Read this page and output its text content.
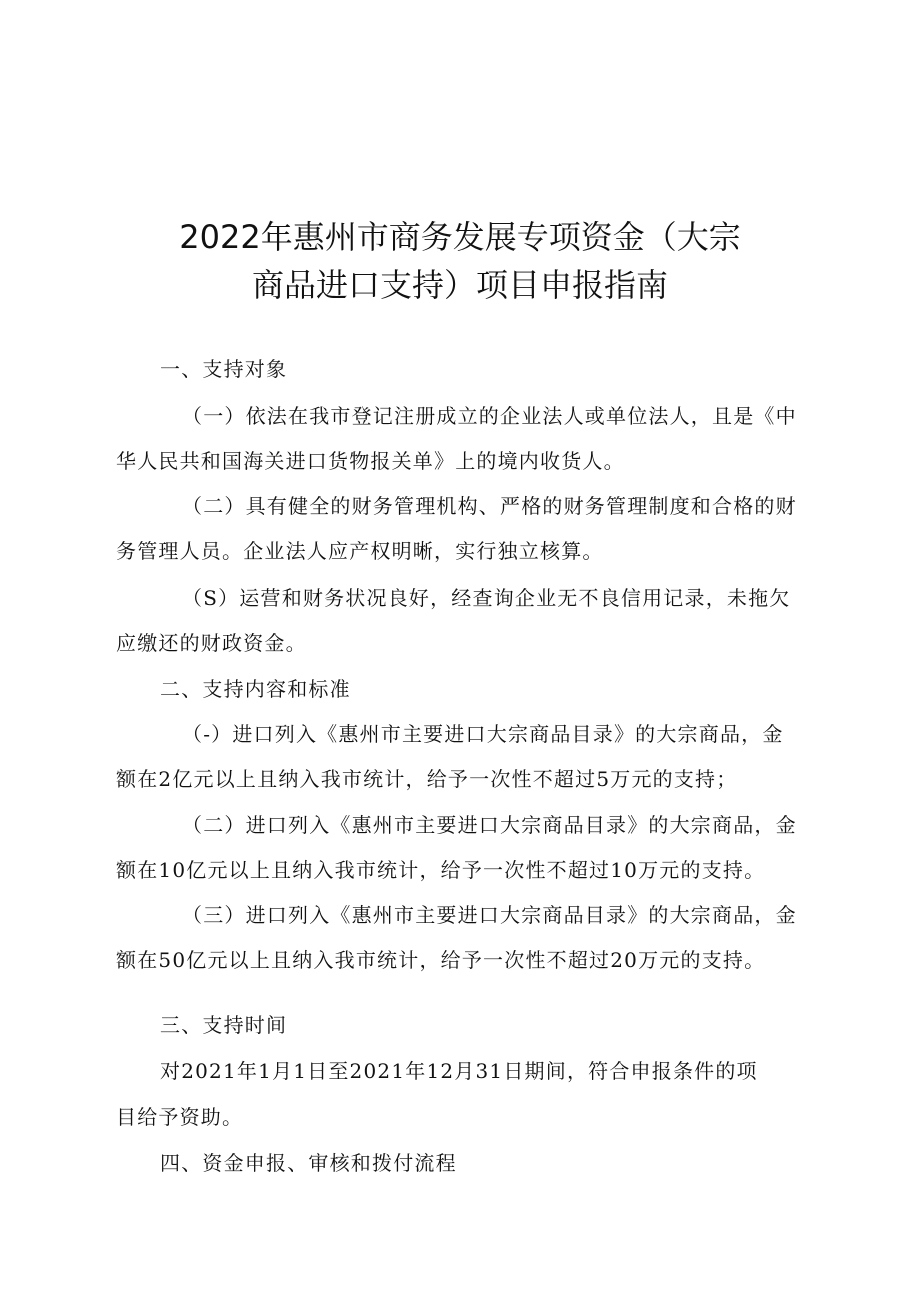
2022年惠州市商务发展专项资金（大宗
商品进口支持）项目申报指南

一、支持对象

（一）依法在我市登记注册成立的企业法人或单位法人，且是《中

华人民共和国海关进口货物报关单》上的境内收货人。

（二）具有健全的财务管理机构、严格的财务管理制度和合格的财

务管理人员。企业法人应产权明晰，实行独立核算。

（S）运营和财务状况良好，经查询企业无不良信用记录，未拖欠

应缴还的财政资金。

二、支持内容和标准

（-）进口列入《惠州市主要进口大宗商品目录》的大宗商品，金

额在2亿元以上且纳入我市统计，给予一次性不超过5万元的支持；

（二）进口列入《惠州市主要进口大宗商品目录》的大宗商品，金

额在10亿元以上且纳入我市统计，给予一次性不超过10万元的支持。

（三）进口列入《惠州市主要进口大宗商品目录》的大宗商品，金

额在50亿元以上且纳入我市统计，给予一次性不超过20万元的支持。

三、支持时间

对2021年1月1日至2021年12月31日期间，符合申报条件的项

目给予资助。

四、资金申报、审核和拨付流程
